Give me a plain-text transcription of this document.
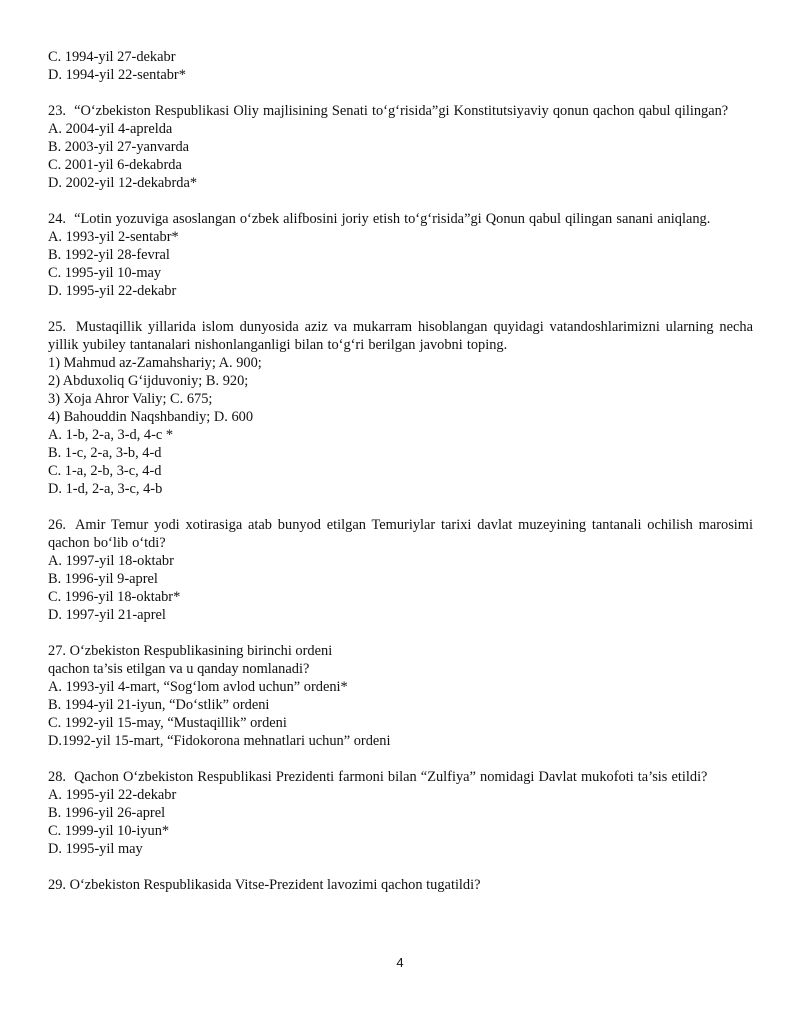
C. 1994-yil 27-dekabr
D. 1994-yil 22-sentabr*
23. “O‘zbekiston Respublikasi Oliy majlisining Senati to‘g‘risida”gi Konstitutsiyaviy qonun qachon qabul qilingan?
A. 2004-yil 4-aprelda
B. 2003-yil 27-yanvarda
C. 2001-yil 6-dekabrda
D. 2002-yil 12-dekabrda*
24. “Lotin yozuviga asoslangan o‘zbek alifbosini joriy etish to‘g‘risida”gi Qonun qabul qilingan sanani aniqlang.
A. 1993-yil 2-sentabr*
B. 1992-yil 28-fevral
C. 1995-yil 10-may
D. 1995-yil 22-dekabr
25. Mustaqillik yillarida islom dunyosida aziz va mukarram hisoblangan quyidagi vatandoshlarimizni ularning necha yillik yubiley tantanalari nishonlanganligi bilan to‘g‘ri berilgan javobni toping.
1) Mahmud az-Zamahshariy; A. 900;
2) Abduxoliq G‘ijduvoniy; B. 920;
3) Xoja Ahror Valiy; C. 675;
4) Bahouddin Naqshbandiy; D. 600
A. 1-b, 2-a, 3-d, 4-c *
B. 1-c, 2-a, 3-b, 4-d
C. 1-a, 2-b, 3-c, 4-d
D. 1-d, 2-a, 3-c, 4-b
26. Amir Temur yodi xotirasiga atab bunyod etilgan Temuriylar tarixi davlat muzeyining tantanali ochilish marosimi qachon bo‘lib o‘tdi?
A. 1997-yil 18-oktabr
B. 1996-yil 9-aprel
C. 1996-yil 18-oktabr*
D. 1997-yil 21-aprel
27. O‘zbekiston Respublikasining birinchi ordeni
qachon ta’sis etilgan va u qanday nomlanadi?
A. 1993-yil 4-mart, “Sog‘lom avlod uchun” ordeni*
B. 1994-yil 21-iyun, “Do‘stlik” ordeni
C. 1992-yil 15-may, “Mustaqillik” ordeni
D.1992-yil 15-mart, “Fidokorona mehnatlari uchun” ordeni
28. Qachon O‘zbekiston Respublikasi Prezidenti farmoni bilan “Zulfiya” nomidagi Davlat mukofoti ta’sis etildi?
A. 1995-yil 22-dekabr
B. 1996-yil 26-aprel
C. 1999-yil 10-iyun*
D. 1995-yil may
29. O‘zbekiston Respublikasida Vitse-Prezident lavozimi qachon tugatildi?
4
